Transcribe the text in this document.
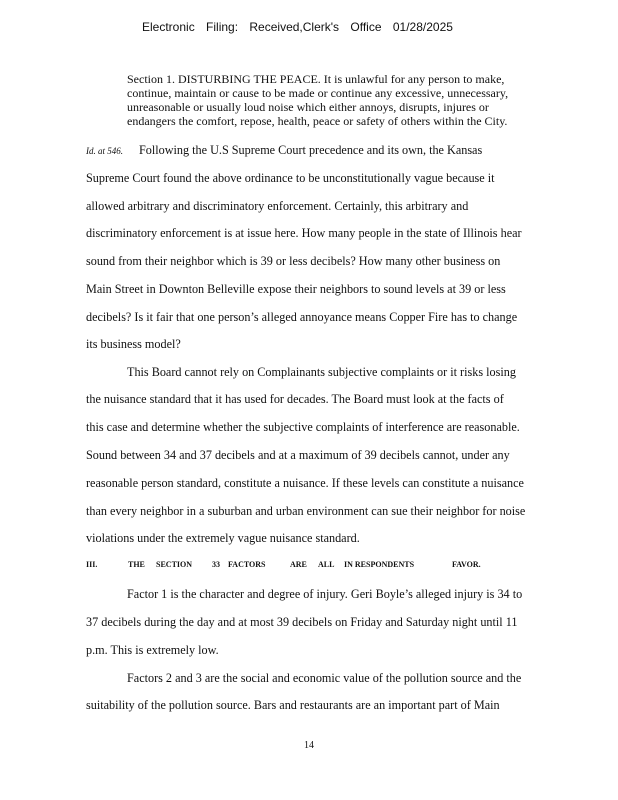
Electronic Filing: Received,Clerk's Office 01/28/2025
Section 1. DISTURBING THE PEACE. It is unlawful for any person to make,
continue, maintain or cause to be made or continue any excessive, unnecessary,
unreasonable or usually loud noise which either annoys, disrupts, injures or
endangers the comfort, repose, health, peace or safety of others within the City.
Id. at 546. Following the U.S Supreme Court precedence and its own, the Kansas
Supreme Court found the above ordinance to be unconstitutionally vague because it
allowed arbitrary and discriminatory enforcement. Certainly, this arbitrary and
discriminatory enforcement is at issue here. How many people in the state of Illinois hear
sound from their neighbor which is 39 or less decibels? How many other business on
Main Street in Downton Belleville expose their neighbors to sound levels at 39 or less
decibels? Is it fair that one person’s alleged annoyance means Copper Fire has to change
its business model?
This Board cannot rely on Complainants subjective complaints or it risks losing
the nuisance standard that it has used for decades. The Board must look at the facts of
this case and determine whether the subjective complaints of interference are reasonable.
Sound between 34 and 37 decibels and at a maximum of 39 decibels cannot, under any
reasonable person standard, constitute a nuisance. If these levels can constitute a nuisance
than every neighbor in a suburban and urban environment can sue their neighbor for noise
violations under the extremely vague nuisance standard.
III.	THE SECTION 33 FACTORS	ARE ALL IN RESPONDENTS	FAVOR.
Factor 1 is the character and degree of injury. Geri Boyle’s alleged injury is 34 to
37 decibels during the day and at most 39 decibels on Friday and Saturday night until 11
p.m. This is extremely low.
Factors 2 and 3 are the social and economic value of the pollution source and the
suitability of the pollution source. Bars and restaurants are an important part of Main
14
